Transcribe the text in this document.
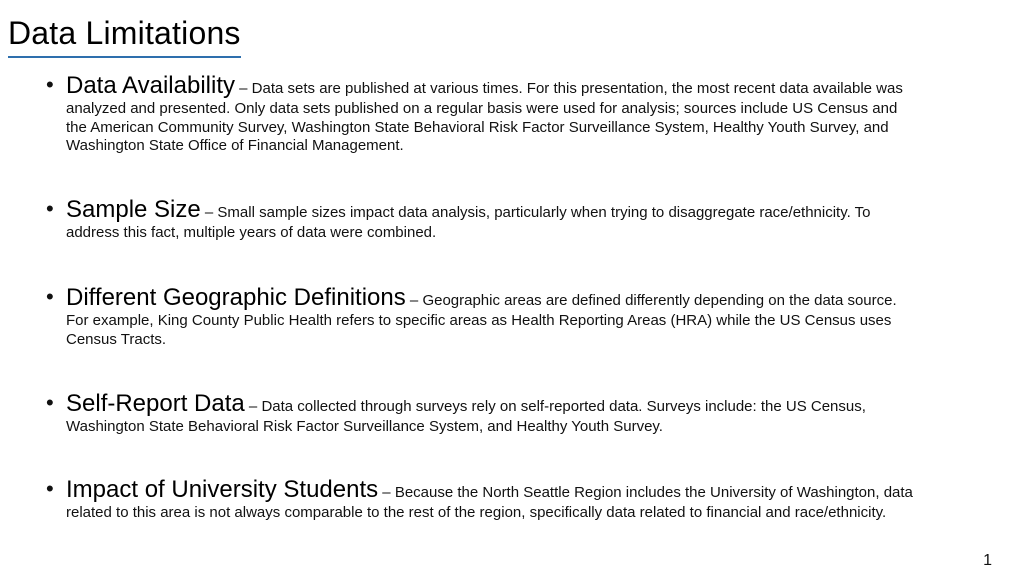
Data Limitations
• Data Availability – Data sets are published at various times. For this presentation, the most recent data available was analyzed and presented. Only data sets published on a regular basis were used for analysis; sources include US Census and the American Community Survey, Washington State Behavioral Risk Factor Surveillance System, Healthy Youth Survey, and Washington State Office of Financial Management.
• Sample Size – Small sample sizes impact data analysis, particularly when trying to disaggregate race/ethnicity. To address this fact, multiple years of data were combined.
• Different Geographic Definitions – Geographic areas are defined differently depending on the data source. For example, King County Public Health refers to specific areas as Health Reporting Areas (HRA) while the US Census uses Census Tracts.
• Self-Report Data – Data collected through surveys rely on self-reported data. Surveys include: the US Census, Washington State Behavioral Risk Factor Surveillance System, and Healthy Youth Survey.
• Impact of University Students – Because the North Seattle Region includes the University of Washington, data related to this area is not always comparable to the rest of the region, specifically data related to financial and race/ethnicity.
1
